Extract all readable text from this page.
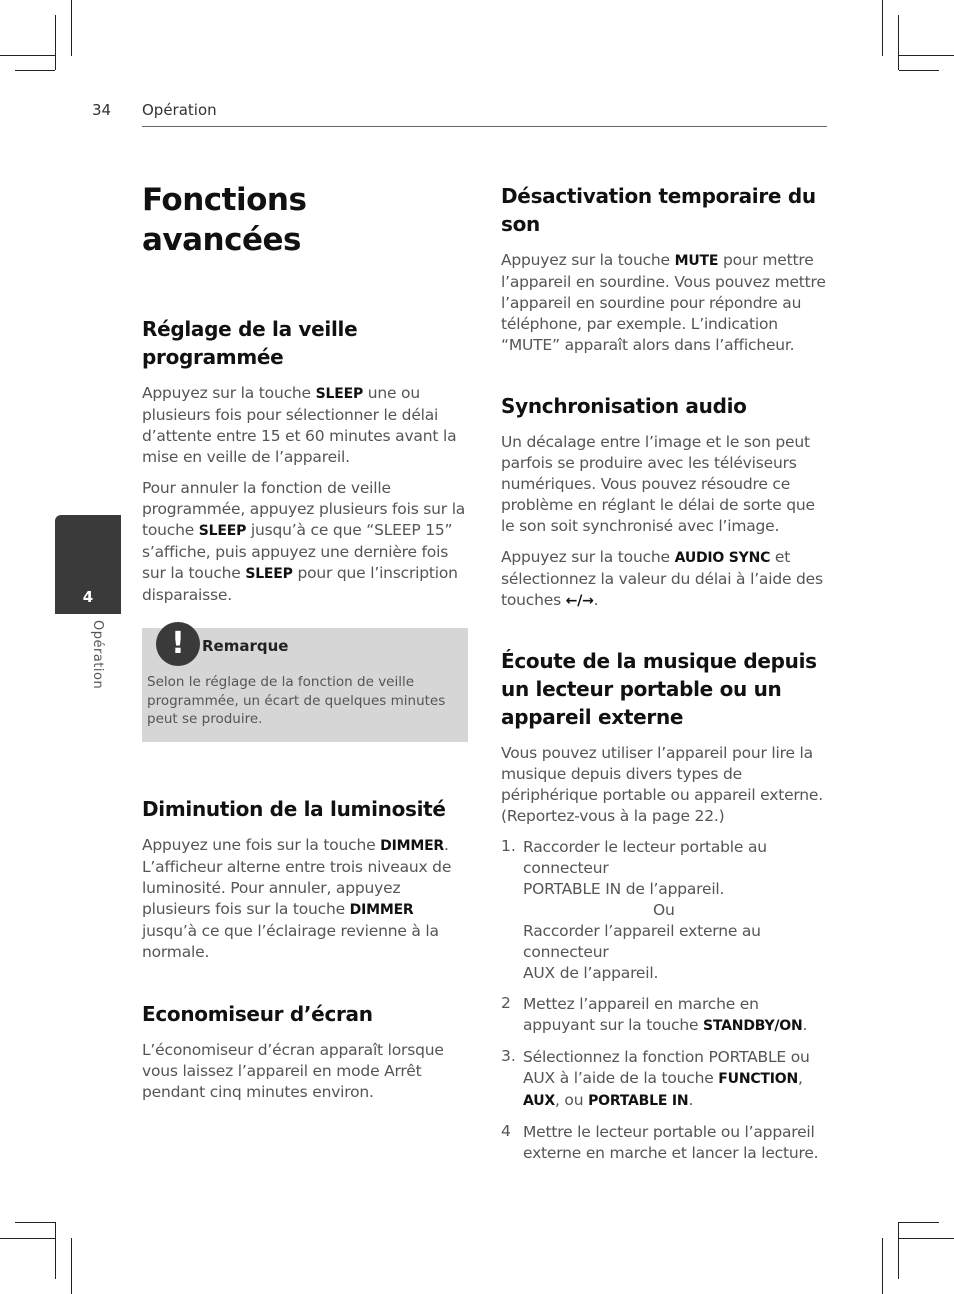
34 Opération
4
Opération
Fonctions avancées
Réglage de la veille programmée

Appuyez sur la touche SLEEP une ou plusieurs fois pour sélectionner le délai d’attente entre 15 et 60 minutes avant la mise en veille de l’appareil.

Pour annuler la fonction de veille programmée, appuyez plusieurs fois sur la touche SLEEP jusqu’à ce que “SLEEP 15” s’affiche, puis appuyez une dernière fois sur la touche SLEEP pour que l’inscription disparaisse.

!	Remarque
Selon le réglage de la fonction de veille programmée, un écart de quelques minutes peut se produire.
Diminution de la luminosité

Appuyez une fois sur la touche DIMMER. L’afficheur alterne entre trois niveaux de luminosité. Pour annuler, appuyez plusieurs fois sur la touche DIMMER jusqu’à ce que l’éclairage revienne à la normale.

Economiseur d’écran

L’économiseur d’écran apparaît lorsque vous laissez l’appareil en mode Arrêt pendant cinq minutes environ.

Désactivation temporaire du son

Appuyez sur la touche MUTE pour mettre l’appareil en sourdine. Vous pouvez mettre l’appareil en sourdine pour répondre au téléphone, par exemple. L’indication “MUTE” apparaît alors dans l’afficheur.

Synchronisation audio

Un décalage entre l’image et le son peut parfois se produire avec les téléviseurs numériques. Vous pouvez résoudre ce problème en réglant le délai de sorte que le son soit synchronisé avec l’image.

Appuyez sur la touche AUDIO SYNC et sélectionnez la valeur du délai à l’aide des touches ←/→.

Écoute de la musique depuis un lecteur portable ou un appareil externe

Vous pouvez utiliser l’appareil pour lire la musique depuis divers types de périphérique portable ou appareil externe. (Reportez-vous à la page 22.)

1. Raccorder le lecteur portable au connecteur

PORTABLE IN de l’appareil.

Ou

Raccorder l’appareil externe au connecteur

AUX de l’appareil.

2 Mettez l’appareil en marche en appuyant sur la touche STANDBY/ON.

3. Sélectionnez la fonction PORTABLE ou AUX à l’aide de la touche FUNCTION, AUX, ou PORTABLE IN.

4 Mettre le lecteur portable ou l’appareil externe en marche et lancer la lecture.
